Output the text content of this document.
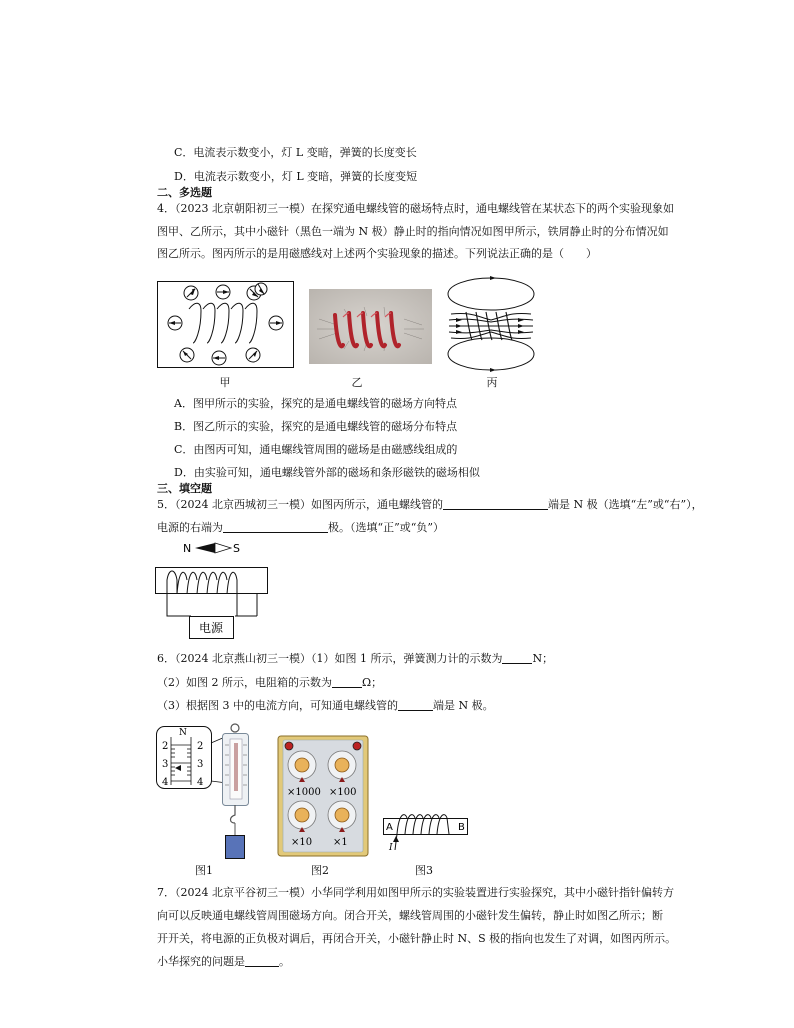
C．电流表示数变小，灯 L 变暗，弹簧的长度变长
D．电流表示数变小，灯 L 变暗，弹簧的长度变短
二、多选题
4．（2023 北京朝阳初三一模）在探究通电螺线管的磁场特点时，通电螺线管在某状态下的两个实验现象如
图甲、乙所示，其中小磁针（黑色一端为 N 极）静止时的指向情况如图甲所示，铁屑静止时的分布情况如
图乙所示。图丙所示的是用磁感线对上述两个实验现象的描述。下列说法正确的是（　　）
甲	乙	丙
A．图甲所示的实验，探究的是通电螺线管的磁场方向特点
B．图乙所示的实验，探究的是通电螺线管的磁场分布特点
C．由图丙可知，通电螺线管周围的磁场是由磁感线组成的
D．由实验可知，通电螺线管外部的磁场和条形磁铁的磁场相似
三、填空题
5．（2024 北京西城初三一模）如图丙所示，通电螺线管的	端是 N 极（选填“左”或“右”），
电源的右端为	极。（选填“正”或“负”）
N	S
电源
6．（2024 北京燕山初三一模）（1）如图 1 所示，弹簧测力计的示数为	N；
（2）如图 2 所示，电阻箱的示数为	Ω；
（3）根据图 3 中的电流方向，可知通电螺线管的	端是 N 极。
N
2
3
4
2
3
4
图1
×1000 ×100
×10 ×1
图2
A	B
I
图3
7．（2024 北京平谷初三一模）小华同学利用如图甲所示的实验装置进行实验探究，其中小磁针指针偏转方
向可以反映通电螺线管周围磁场方向。闭合开关，螺线管周围的小磁针发生偏转，静止时如图乙所示；断
开开关，将电源的正负极对调后，再闭合开关，小磁针静止时 N、S 极的指向也发生了对调，如图丙所示。
小华探究的问题是	。
